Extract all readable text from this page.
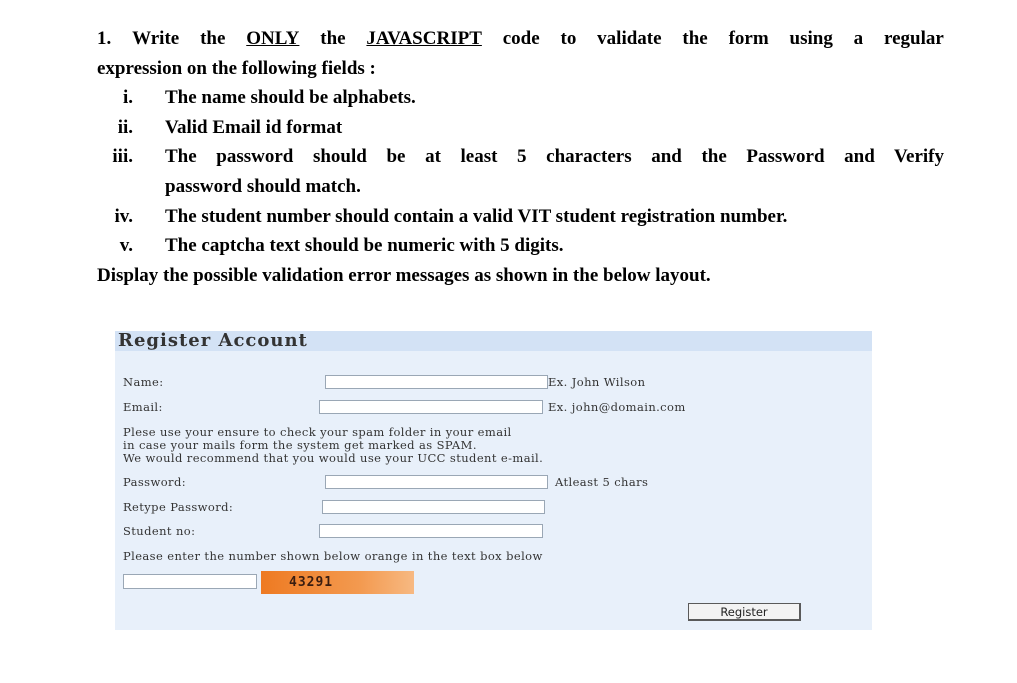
1. Write the ONLY the JAVASCRIPT code to validate the form using a regular
expression on the following fields :
i. The name should be alphabets.
ii. Valid Email id format
iii. The password should be at least 5 characters and the Password and Verify
password should match.
iv. The student number should contain a valid VIT student registration number.
v. The captcha text should be numeric with 5 digits.
Display the possible validation error messages as shown in the below layout.
Register Account
Name:	Ex. John Wilson
Email:	Ex. john@domain.com
Plese use your ensure to check your spam folder in your email
in case your mails form the system get marked as SPAM.
We would recommend that you would use your UCC student e-mail.
Password:	Atleast 5 chars
Retype Password:
Student no:
Please enter the number shown below orange in the text box below
43291
Register
